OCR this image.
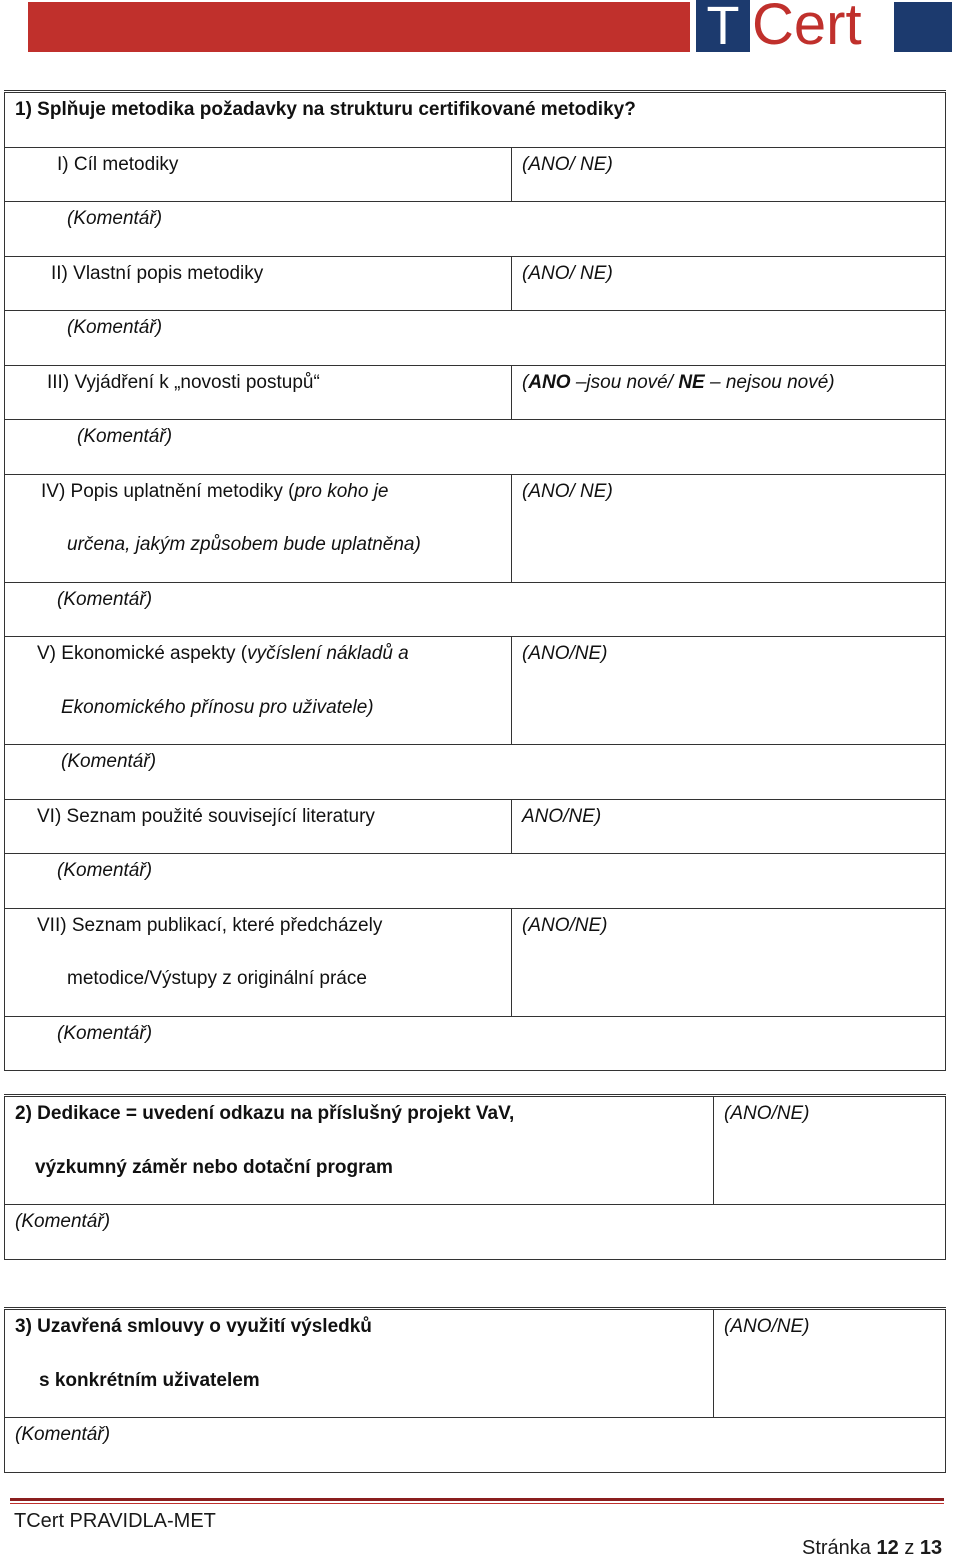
T Cert
1) Splňuje metodika požadavky na strukturu certifikované metodiky?	

I) Cíl metodiky	(ANO/ NE)

(Komentář)	

II) Vlastní popis metodiky	(ANO/ NE)

(Komentář)	

III) Vyjádření k „novosti postupů“	(ANO –jsou nové/ NE – nejsou nové)

(Komentář)	

IV) Popis uplatnění metodiky (pro koho je
určena, jakým způsobem bude uplatněna)	(ANO/ NE)

(Komentář)	

V) Ekonomické aspekty (vyčíslení nákladů a
Ekonomického přínosu pro uživatele)	(ANO/NE)

(Komentář)	

VI) Seznam použité související literatury	ANO/NE)

(Komentář)	

VII) Seznam publikací, které předcházely
metodice/Výstupy z originální práce	(ANO/NE)

(Komentář)	
2) Dedikace = uvedení odkazu na příslušný projekt VaV,
výzkumný záměr nebo dotační program

(ANO/NE)

(Komentář)
3) Uzavřená smlouvy o využití výsledků
s konkrétním uživatelem

(ANO/NE)

(Komentář)
TCert PRAVIDLA-MET
Stránka 12 z 13
